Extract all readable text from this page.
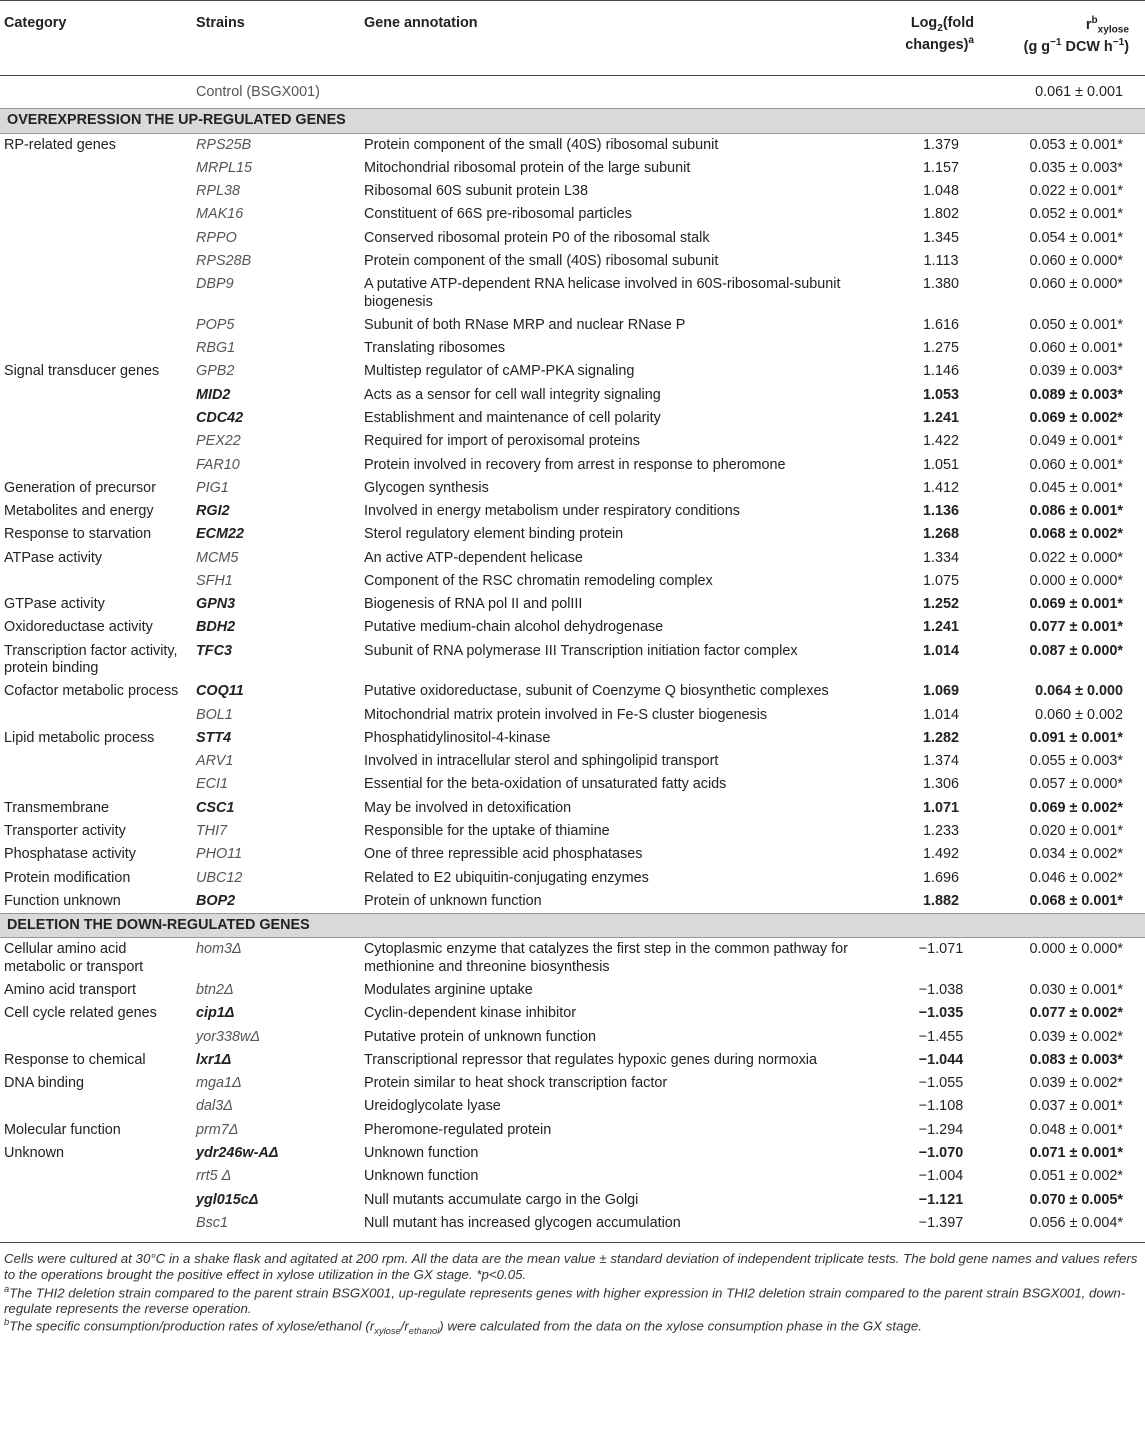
Category	Strains	Gene annotation	Log$_2$(fold changes)$^a$	$r^b_{xylose}$
(g $g^{-1}$ DCW $h^{-1}$)
	Control (BSGX001)			0.061 ± 0.001
OVEREXPRESSION THE UP-REGULATED GENES				
RP-related genes	RPS25B	Protein component of the small (40S) ribosomal subunit	1.379	0.053 ± 0.001*
	MRPL15	Mitochondrial ribosomal protein of the large subunit	1.157	0.035 ± 0.003*
	RPL38	Ribosomal 60S subunit protein L38	1.048	0.022 ± 0.001*
	MAK16	Constituent of 66S pre-ribosomal particles	1.802	0.052 ± 0.001*
	RPPO	Conserved ribosomal protein P0 of the ribosomal stalk	1.345	0.054 ± 0.001*
	RPS28B	Protein component of the small (40S) ribosomal subunit	1.113	0.060 ± 0.000*
	DBP9	A putative ATP-dependent RNA helicase involved in 60S-ribosomal-subunit biogenesis	1.380	0.060 ± 0.000*
	POP5	Subunit of both RNase MRP and nuclear RNase P	1.616	0.050 ± 0.001*
	RBG1	Translating ribosomes	1.275	0.060 ± 0.001*
Signal transducer genes	GPB2	Multistep regulator of cAMP-PKA signaling	1.146	0.039 ± 0.003*
	MID2	Acts as a sensor for cell wall integrity signaling	1.053	0.089 ± 0.003*
	CDC42	Establishment and maintenance of cell polarity	1.241	0.069 ± 0.002*
	PEX22	Required for import of peroxisomal proteins	1.422	0.049 ± 0.001*
	FAR10	Protein involved in recovery from arrest in response to pheromone	1.051	0.060 ± 0.001*
Generation of precursor	PIG1	Glycogen synthesis	1.412	0.045 ± 0.001*
Metabolites and energy	RGI2	Involved in energy metabolism under respiratory conditions	1.136	0.086 ± 0.001*
Response to starvation	ECM22	Sterol regulatory element binding protein	1.268	0.068 ± 0.002*
ATPase activity	MCM5	An active ATP-dependent helicase	1.334	0.022 ± 0.000*
	SFH1	Component of the RSC chromatin remodeling complex	1.075	0.000 ± 0.000*
GTPase activity	GPN3	Biogenesis of RNA pol II and polIII	1.252	0.069 ± 0.001*
Oxidoreductase activity	BDH2	Putative medium-chain alcohol dehydrogenase	1.241	0.077 ± 0.001*
Transcription factor activity, protein binding	TFC3	Subunit of RNA polymerase III Transcription initiation factor complex	1.014	0.087 ± 0.000*
Cofactor metabolic process	COQ11	Putative oxidoreductase, subunit of Coenzyme Q biosynthetic complexes	1.069	0.064 ± 0.000
	BOL1	Mitochondrial matrix protein involved in Fe-S cluster biogenesis	1.014	0.060 ± 0.002
Lipid metabolic process	STT4	Phosphatidylinositol-4-kinase	1.282	0.091 ± 0.001*
	ARV1	Involved in intracellular sterol and sphingolipid transport	1.374	0.055 ± 0.003*
	ECI1	Essential for the beta-oxidation of unsaturated fatty acids	1.306	0.057 ± 0.000*
Transmembrane	CSC1	May be involved in detoxification	1.071	0.069 ± 0.002*
Transporter activity	THI7	Responsible for the uptake of thiamine	1.233	0.020 ± 0.001*
Phosphatase activity	PHO11	One of three repressible acid phosphatases	1.492	0.034 ± 0.002*
Protein modification	UBC12	Related to E2 ubiquitin-conjugating enzymes	1.696	0.046 ± 0.002*
Function unknown	BOP2	Protein of unknown function	1.882	0.068 ± 0.001*
DELETION THE DOWN-REGULATED GENES				
Cellular amino acid metabolic or transport	hom3Δ	Cytoplasmic enzyme that catalyzes the first step in the common pathway for methionine and threonine biosynthesis	−1.071	0.000 ± 0.000*
Amino acid transport	btn2Δ	Modulates arginine uptake	−1.038	0.030 ± 0.001*
Cell cycle related genes	cip1Δ	Cyclin-dependent kinase inhibitor	−1.035	0.077 ± 0.002*
	yor338wΔ	Putative protein of unknown function	−1.455	0.039 ± 0.002*
Response to chemical	lxr1Δ	Transcriptional repressor that regulates hypoxic genes during normoxia	−1.044	0.083 ± 0.003*
DNA binding	mga1Δ	Protein similar to heat shock transcription factor	−1.055	0.039 ± 0.002*
	dal3Δ	Ureidoglycolate lyase	−1.108	0.037 ± 0.001*
Molecular function	prm7Δ	Pheromone-regulated protein	−1.294	0.048 ± 0.001*
Unknown	ydr246w-AΔ	Unknown function	−1.070	0.071 ± 0.001*
	rrt5 Δ	Unknown function	−1.004	0.051 ± 0.002*
	ygl015cΔ	Null mutants accumulate cargo in the Golgi	−1.121	0.070 ± 0.005*
	Bsc1	Null mutant has increased glycogen accumulation	−1.397	0.056 ± 0.004*

Cells were cultured at 30°C in a shake flask and agitated at 200 rpm. All the data are the mean value ± standard deviation of independent triplicate tests. The bold gene names and values refers to the operations brought the positive effect in xylose utilization in the GX stage. *p<0.05.

$^a$The THI2 deletion strain compared to the parent strain BSGX001, up-regulate represents genes with higher expression in THI2 deletion strain compared to the parent strain BSGX001, down-regulate represents the reverse operation.

$^b$The specific consumption/production rates of xylose/ethanol $(r_{xylose}/r_{ethanol})$ were calculated from the data on the xylose consumption phase in the GX stage.
